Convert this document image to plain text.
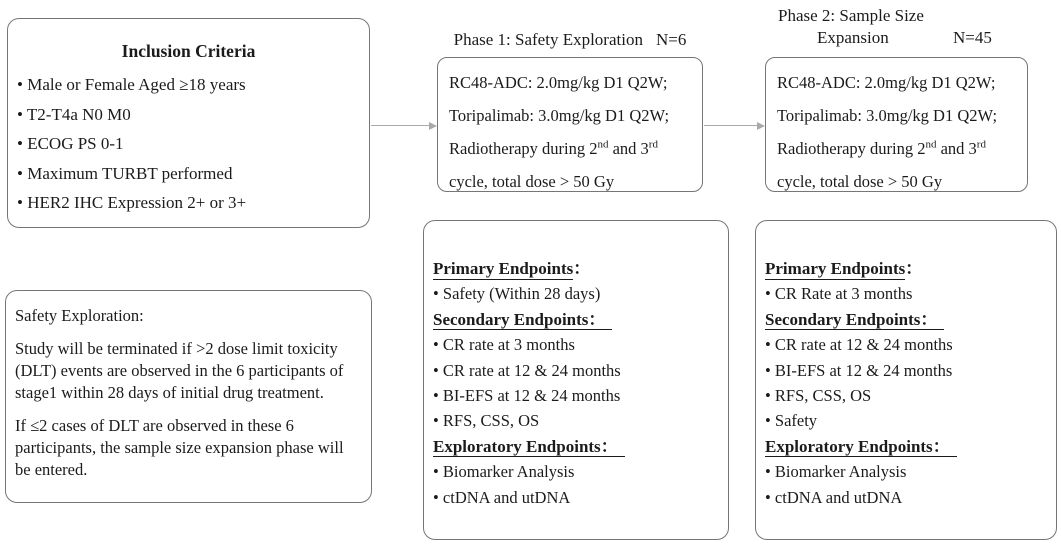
Inclusion Criteria
• Male or Female Aged ≥18 years
• T2-T4a N0 M0
• ECOG PS 0-1
• Maximum TURBT performed
• HER2 IHC Expression 2+ or 3+
Safety Exploration:
Study will be terminated if >2 dose limit toxicity (DLT) events are observed in the 6 participants of stage1 within 28 days of initial drug treatment.
If ≤2 cases of DLT are observed in these 6 participants, the sample size expansion phase will be entered.
Phase 1: Safety Exploration N=6
RC48-ADC: 2.0mg/kg D1 Q2W;
Toripalimab: 3.0mg/kg D1 Q2W;
Radiotherapy during 2nd and 3rd
cycle, total dose > 50 Gy
Phase 2: Sample Size
Expansion	N=45
RC48-ADC: 2.0mg/kg D1 Q2W;
Toripalimab: 3.0mg/kg D1 Q2W;
Radiotherapy during 2nd and 3rd
cycle, total dose > 50 Gy
Primary Endpoints：
• Safety (Within 28 days)
Secondary Endpoints：
• CR rate at 3 months
• CR rate at 12 & 24 months
• BI-EFS at 12 & 24 months
• RFS, CSS, OS
Exploratory Endpoints：
• Biomarker Analysis
• ctDNA and utDNA
Primary Endpoints：
• CR Rate at 3 months
Secondary Endpoints：
• CR rate at 12 & 24 months
• BI-EFS at 12 & 24 months
• RFS, CSS, OS
• Safety
Exploratory Endpoints：
• Biomarker Analysis
• ctDNA and utDNA
